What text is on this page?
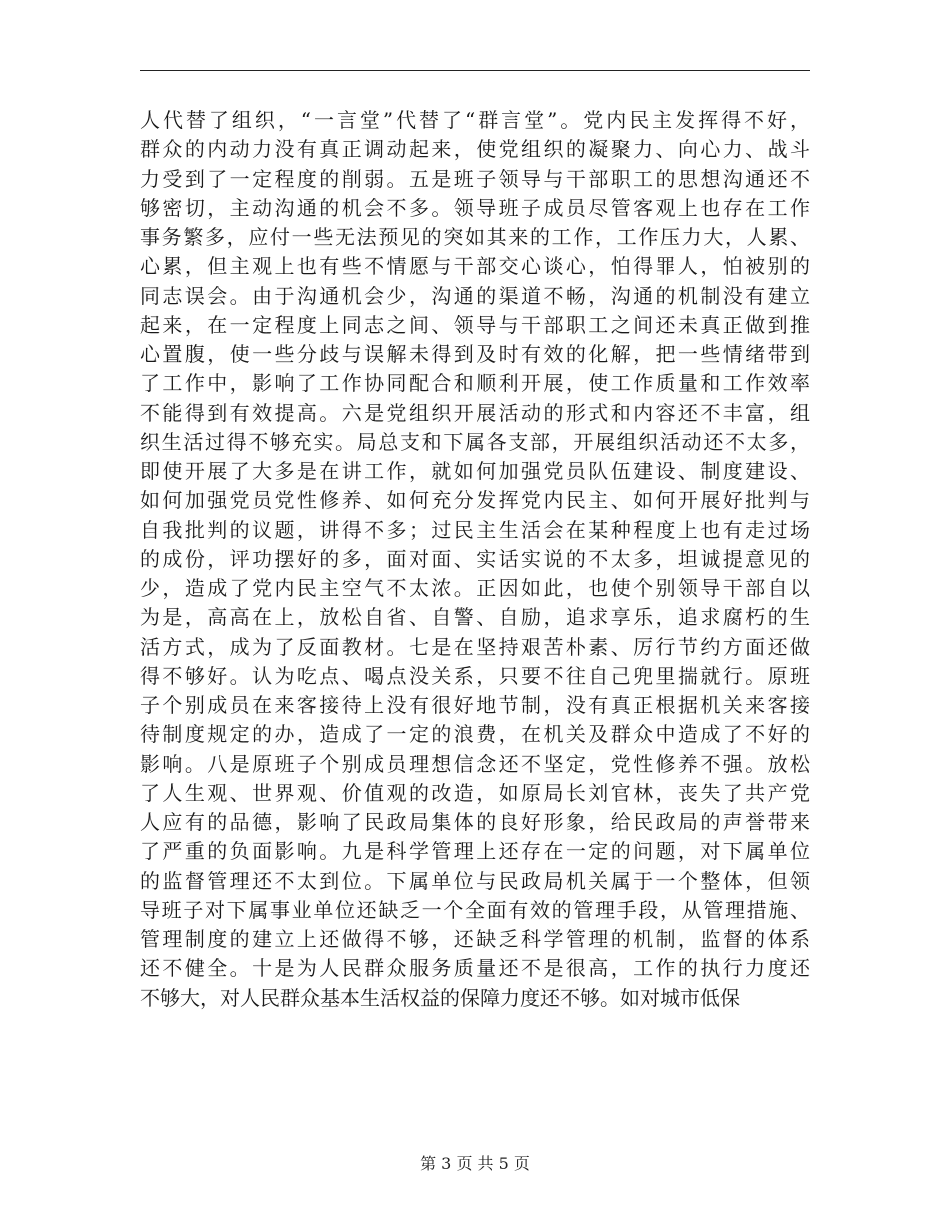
人代替了组织，“一言堂”代替了“群言堂”。党内民主发挥得不好，
群众的内动力没有真正调动起来，使党组织的凝聚力、向心力、战斗
力受到了一定程度的削弱。五是班子领导与干部职工的思想沟通还不
够密切，主动沟通的机会不多。领导班子成员尽管客观上也存在工作
事务繁多，应付一些无法预见的突如其来的工作，工作压力大，人累、
心累，但主观上也有些不情愿与干部交心谈心，怕得罪人，怕被别的
同志误会。由于沟通机会少，沟通的渠道不畅，沟通的机制没有建立
起来，在一定程度上同志之间、领导与干部职工之间还未真正做到推
心置腹，使一些分歧与误解未得到及时有效的化解，把一些情绪带到
了工作中，影响了工作协同配合和顺利开展，使工作质量和工作效率
不能得到有效提高。六是党组织开展活动的形式和内容还不丰富，组
织生活过得不够充实。局总支和下属各支部，开展组织活动还不太多，
即使开展了大多是在讲工作，就如何加强党员队伍建设、制度建设、
如何加强党员党性修养、如何充分发挥党内民主、如何开展好批判与
自我批判的议题，讲得不多；过民主生活会在某种程度上也有走过场
的成份，评功摆好的多，面对面、实话实说的不太多，坦诚提意见的
少，造成了党内民主空气不太浓。正因如此，也使个别领导干部自以
为是，高高在上，放松自省、自警、自励，追求享乐，追求腐朽的生
活方式，成为了反面教材。七是在坚持艰苦朴素、厉行节约方面还做
得不够好。认为吃点、喝点没关系，只要不往自己兜里揣就行。原班
子个别成员在来客接待上没有很好地节制，没有真正根据机关来客接
待制度规定的办，造成了一定的浪费，在机关及群众中造成了不好的
影响。八是原班子个别成员理想信念还不坚定，党性修养不强。放松
了人生观、世界观、价值观的改造，如原局长刘官林，丧失了共产党
人应有的品德，影响了民政局集体的良好形象，给民政局的声誉带来
了严重的负面影响。九是科学管理上还存在一定的问题，对下属单位
的监督管理还不太到位。下属单位与民政局机关属于一个整体，但领
导班子对下属事业单位还缺乏一个全面有效的管理手段，从管理措施、
管理制度的建立上还做得不够，还缺乏科学管理的机制，监督的体系
还不健全。十是为人民群众服务质量还不是很高，工作的执行力度还
不够大，对人民群众基本生活权益的保障力度还不够。如对城市低保
第 3 页 共 5 页
